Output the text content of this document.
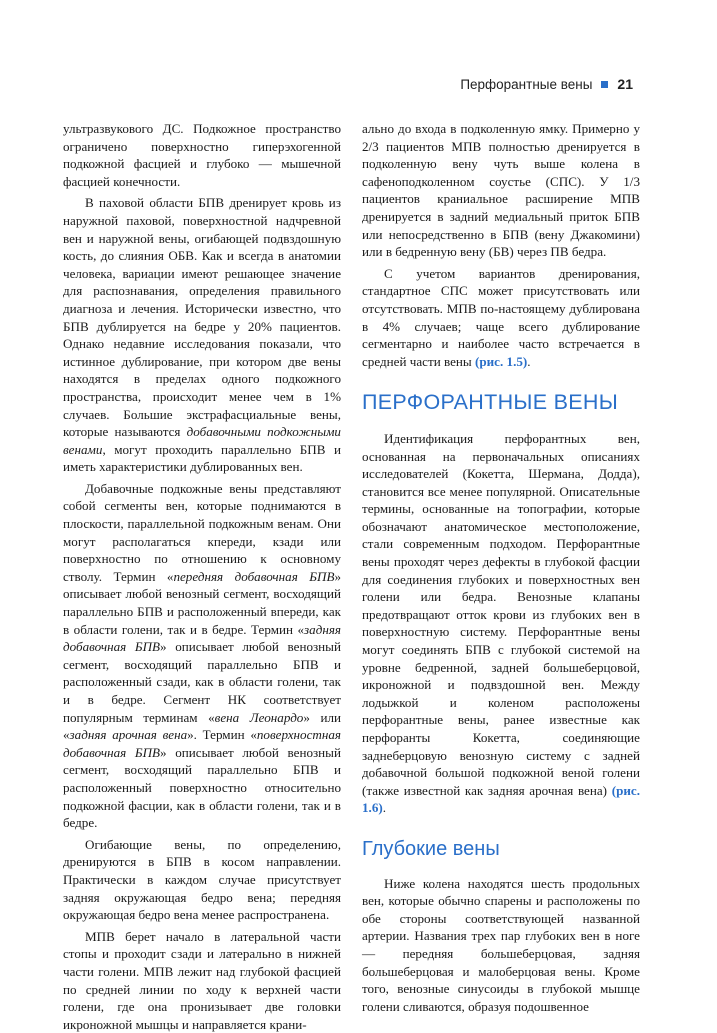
Перфорантные вены 21

ультразвукового ДС. Подкожное пространство ограничено поверхностно гиперэхогенной подкожной фасцией и глубоко — мышечной фасцией конечности.

В паховой области БПВ дренирует кровь из наружной паховой, поверхностной надчревной вен и наружной вены, огибающей подвздошную кость, до слияния ОБВ. Как и всегда в анатомии человека, вариации имеют решающее значение для распознавания, определения правильного диагноза и лечения. Исторически известно, что БПВ дублируется на бедре у 20% пациентов. Однако недавние исследования показали, что истинное дублирование, при котором две вены находятся в пределах одного подкожного пространства, происходит менее чем в 1% случаев. Большие экстрафасциальные вены, которые называются добавочными подкожными венами, могут проходить параллельно БПВ и иметь характеристики дублированных вен.

Добавочные подкожные вены представляют собой сегменты вен, которые поднимаются в плоскости, параллельной подкожным венам. Они могут располагаться кпереди, кзади или поверхностно по отношению к основному стволу. Термин «передняя добавочная БПВ» описывает любой венозный сегмент, восходящий параллельно БПВ и расположенный впереди, как в области голени, так и в бедре. Термин «задняя добавочная БПВ» описывает любой венозный сегмент, восходящий параллельно БПВ и расположенный сзади, как в области голени, так и в бедре. Сегмент НК соответствует популярным терминам «вена Леонардо» или «задняя арочная вена». Термин «поверхностная добавочная БПВ» описывает любой венозный сегмент, восходящий параллельно БПВ и расположенный поверхностно относительно подкожной фасции, как в области голени, так и в бедре.

Огибающие вены, по определению, дренируются в БПВ в косом направлении. Практически в каждом случае присутствует задняя окружающая бедро вена; передняя окружающая бедро вена менее распространена.

МПВ берет начало в латеральной части стопы и проходит сзади и латерально в нижней части голени. МПВ лежит над глубокой фасцией по средней линии по ходу к верхней части голени, где она пронизывает две головки икроножной мышцы и направляется крани-

ально до входа в подколенную ямку. Примерно у 2/3 пациентов МПВ полностью дренируется в подколенную вену чуть выше колена в сафеноподколенном соустье (СПС). У 1/3 пациентов краниальное расширение МПВ дренируется в задний медиальный приток БПВ или непосредственно в БПВ (вену Джакомини) или в бедренную вену (БВ) через ПВ бедра.

С учетом вариантов дренирования, стандартное СПС может присутствовать или отсутствовать. МПВ по-настоящему дублирована в 4% случаев; чаще всего дублирование сегментарно и наиболее часто встречается в средней части вены (рис. 1.5).

ПЕРФОРАНТНЫЕ ВЕНЫ

Идентификация перфорантных вен, основанная на первоначальных описаниях исследователей (Кокетта, Шермана, Додда), становится все менее популярной. Описательные термины, основанные на топографии, которые обозначают анатомическое местоположение, стали современным подходом. Перфорантные вены проходят через дефекты в глубокой фасции для соединения глубоких и поверхностных вен голени или бедра. Венозные клапаны предотвращают отток крови из глубоких вен в поверхностную систему. Перфорантные вены могут соединять БПВ с глубокой системой на уровне бедренной, задней большеберцовой, икроножной и подвздошной вен. Между лодыжкой и коленом расположены перфорантные вены, ранее известные как перфоранты Кокетта, соединяющие заднеберцовую венозную систему с задней добавочной большой подкожной веной голени (также известной как задняя арочная вена) (рис. 1.6).

Глубокие вены

Ниже колена находятся шесть продольных вен, которые обычно спарены и расположены по обе стороны соответствующей названной артерии. Названия трех пар глубоких вен в ноге — передняя большеберцовая, задняя большеберцовая и малоберцовая вены. Кроме того, венозные синусоиды в глубокой мышце голени сливаются, образуя подошвенное
